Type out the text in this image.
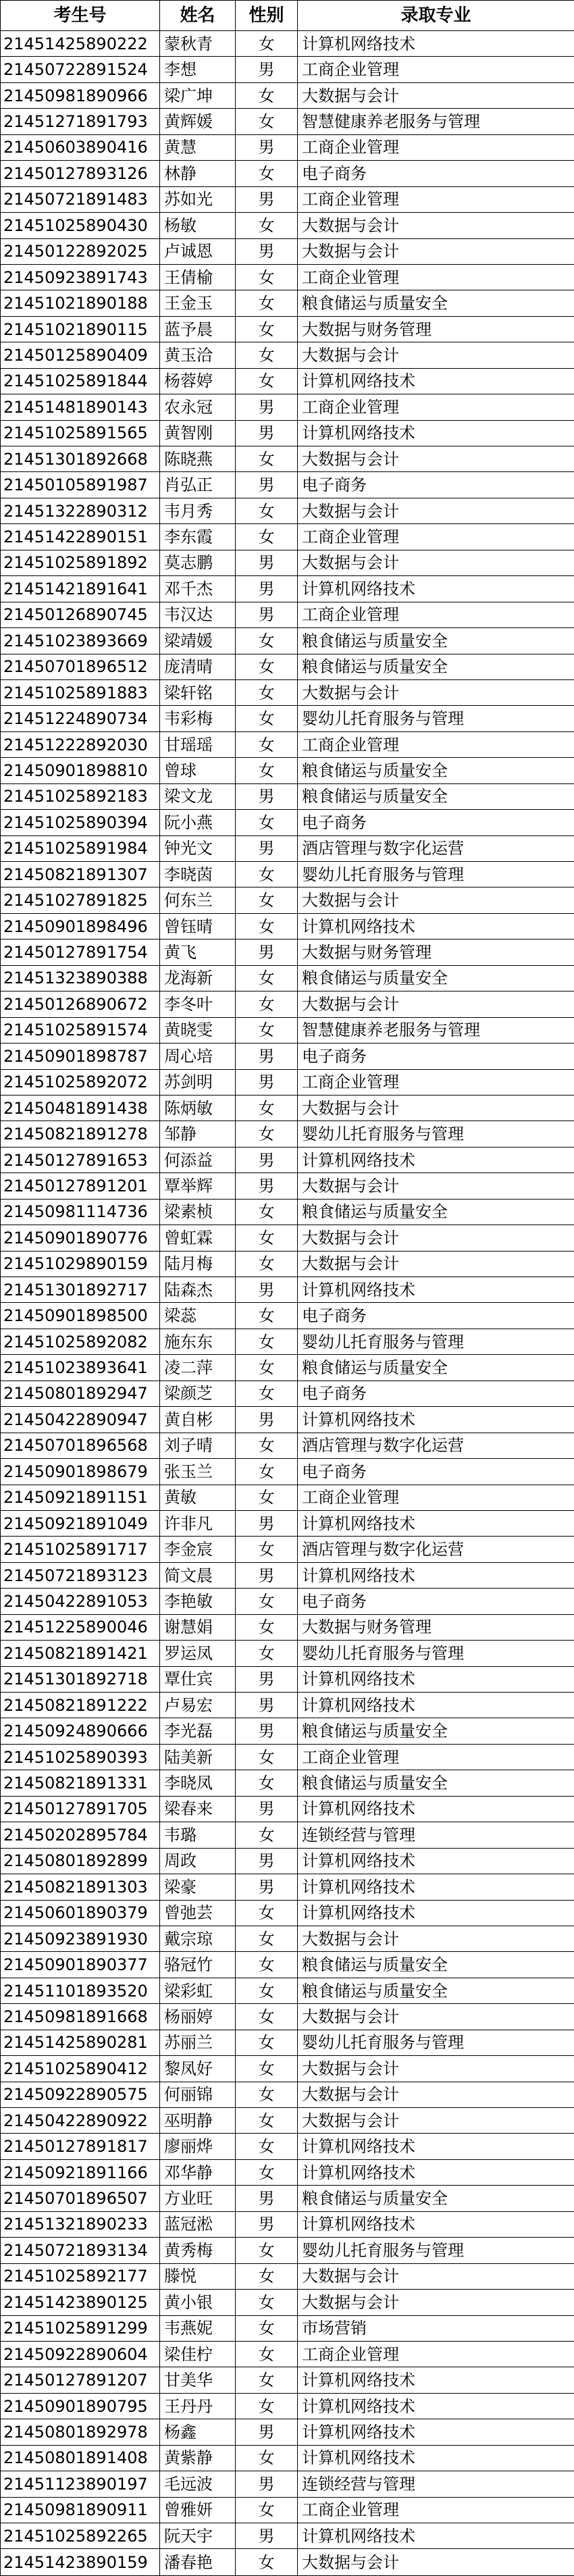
考生号	姓名	性别	录取专业
21451425890222	蒙秋青	女	计算机网络技术
21450722891524	李想	男	工商企业管理
21450981890966	梁广坤	女	大数据与会计
21451271891793	黄辉媛	女	智慧健康养老服务与管理
21450603890416	黄慧	男	工商企业管理
21450127893126	林静	女	电子商务
21450721891483	苏如光	男	工商企业管理
21451025890430	杨敏	女	大数据与会计
21450122892025	卢诚恩	男	大数据与会计
21450923891743	王倩榆	女	工商企业管理
21451021890188	王金玉	女	粮食储运与质量安全
21451021890115	蓝予晨	女	大数据与财务管理
21450125890409	黄玉洽	女	大数据与会计
21451025891844	杨蓉婷	女	计算机网络技术
21451481890143	农永冠	男	工商企业管理
21451025891565	黄智刚	男	计算机网络技术
21451301892668	陈晓燕	女	大数据与会计
21450105891987	肖弘正	男	电子商务
21451322890312	韦月秀	女	大数据与会计
21451422890151	李东霞	女	工商企业管理
21451025891892	莫志鹏	男	大数据与会计
21451421891641	邓千杰	男	计算机网络技术
21450126890745	韦汉达	男	工商企业管理
21451023893669	梁靖媛	女	粮食储运与质量安全
21450701896512	庞清晴	女	粮食储运与质量安全
21451025891883	梁轩铭	女	大数据与会计
21451224890734	韦彩梅	女	婴幼儿托育服务与管理
21451222892030	甘瑶瑶	女	工商企业管理
21450901898810	曾球	女	粮食储运与质量安全
21451025892183	梁文龙	男	粮食储运与质量安全
21451025890394	阮小燕	女	电子商务
21451025891984	钟光文	男	酒店管理与数字化运营
21450821891307	李晓茵	女	婴幼儿托育服务与管理
21451027891825	何东兰	女	大数据与会计
21450901898496	曾钰晴	女	计算机网络技术
21450127891754	黄飞	男	大数据与财务管理
21451323890388	龙海新	女	粮食储运与质量安全
21450126890672	李冬叶	女	大数据与会计
21451025891574	黄晓雯	女	智慧健康养老服务与管理
21450901898787	周心培	男	电子商务
21451025892072	苏剑明	男	工商企业管理
21450481891438	陈炳敏	女	大数据与会计
21450821891278	邹静	女	婴幼儿托育服务与管理
21450127891653	何添益	男	计算机网络技术
21450127891201	覃举辉	男	大数据与会计
21450981114736	梁素桢	女	粮食储运与质量安全
21450901890776	曾虹霖	女	大数据与会计
21451029890159	陆月梅	女	大数据与会计
21451301892717	陆森杰	男	计算机网络技术
21450901898500	梁蕊	女	电子商务
21451025892082	施东东	女	婴幼儿托育服务与管理
21451023893641	凌二萍	女	粮食储运与质量安全
21450801892947	梁颜芝	女	电子商务
21450422890947	黄自彬	男	计算机网络技术
21450701896568	刘子晴	女	酒店管理与数字化运营
21450901898679	张玉兰	女	电子商务
21450921891151	黄敏	女	工商企业管理
21450921891049	许非凡	男	计算机网络技术
21451025891717	李金宸	女	酒店管理与数字化运营
21450721893123	简文晨	男	计算机网络技术
21450422891053	李艳敏	女	电子商务
21451225890046	谢慧娟	女	大数据与财务管理
21450821891421	罗运凤	女	婴幼儿托育服务与管理
21451301892718	覃仕宾	男	计算机网络技术
21450821891222	卢易宏	男	计算机网络技术
21450924890666	李光磊	男	粮食储运与质量安全
21451025890393	陆美新	女	工商企业管理
21450821891331	李晓凤	女	粮食储运与质量安全
21450127891705	梁春来	男	计算机网络技术
21450202895784	韦璐	女	连锁经营与管理
21450801892899	周政	男	计算机网络技术
21450821891303	梁豪	男	计算机网络技术
21450601890379	曾弛芸	女	计算机网络技术
21450923891930	戴宗琼	女	大数据与会计
21450901890377	骆冠竹	女	粮食储运与质量安全
21451101893520	梁彩虹	女	粮食储运与质量安全
21450981891668	杨丽婷	女	大数据与会计
21451425890281	苏丽兰	女	婴幼儿托育服务与管理
21451025890412	黎凤好	女	大数据与会计
21450922890575	何丽锦	女	大数据与会计
21450422890922	巫明静	女	大数据与会计
21450127891817	廖丽烨	女	计算机网络技术
21450921891166	邓华静	女	计算机网络技术
21450701896507	方业旺	男	粮食储运与质量安全
21451321890233	蓝冠淞	男	计算机网络技术
21450721893134	黄秀梅	女	婴幼儿托育服务与管理
21451025892177	滕悦	女	大数据与会计
21451423890125	黄小银	女	大数据与会计
21451025891299	韦燕妮	女	市场营销
21450922890604	梁佳柠	女	工商企业管理
21450127891207	甘美华	女	计算机网络技术
21450901890795	王丹丹	女	计算机网络技术
21450801892978	杨鑫	男	计算机网络技术
21450801891408	黄紫静	女	计算机网络技术
21451123890197	毛远波	男	连锁经营与管理
21450981890911	曾雅妍	女	工商企业管理
21451025892265	阮天宇	男	计算机网络技术
21451423890159	潘春艳	女	大数据与会计
